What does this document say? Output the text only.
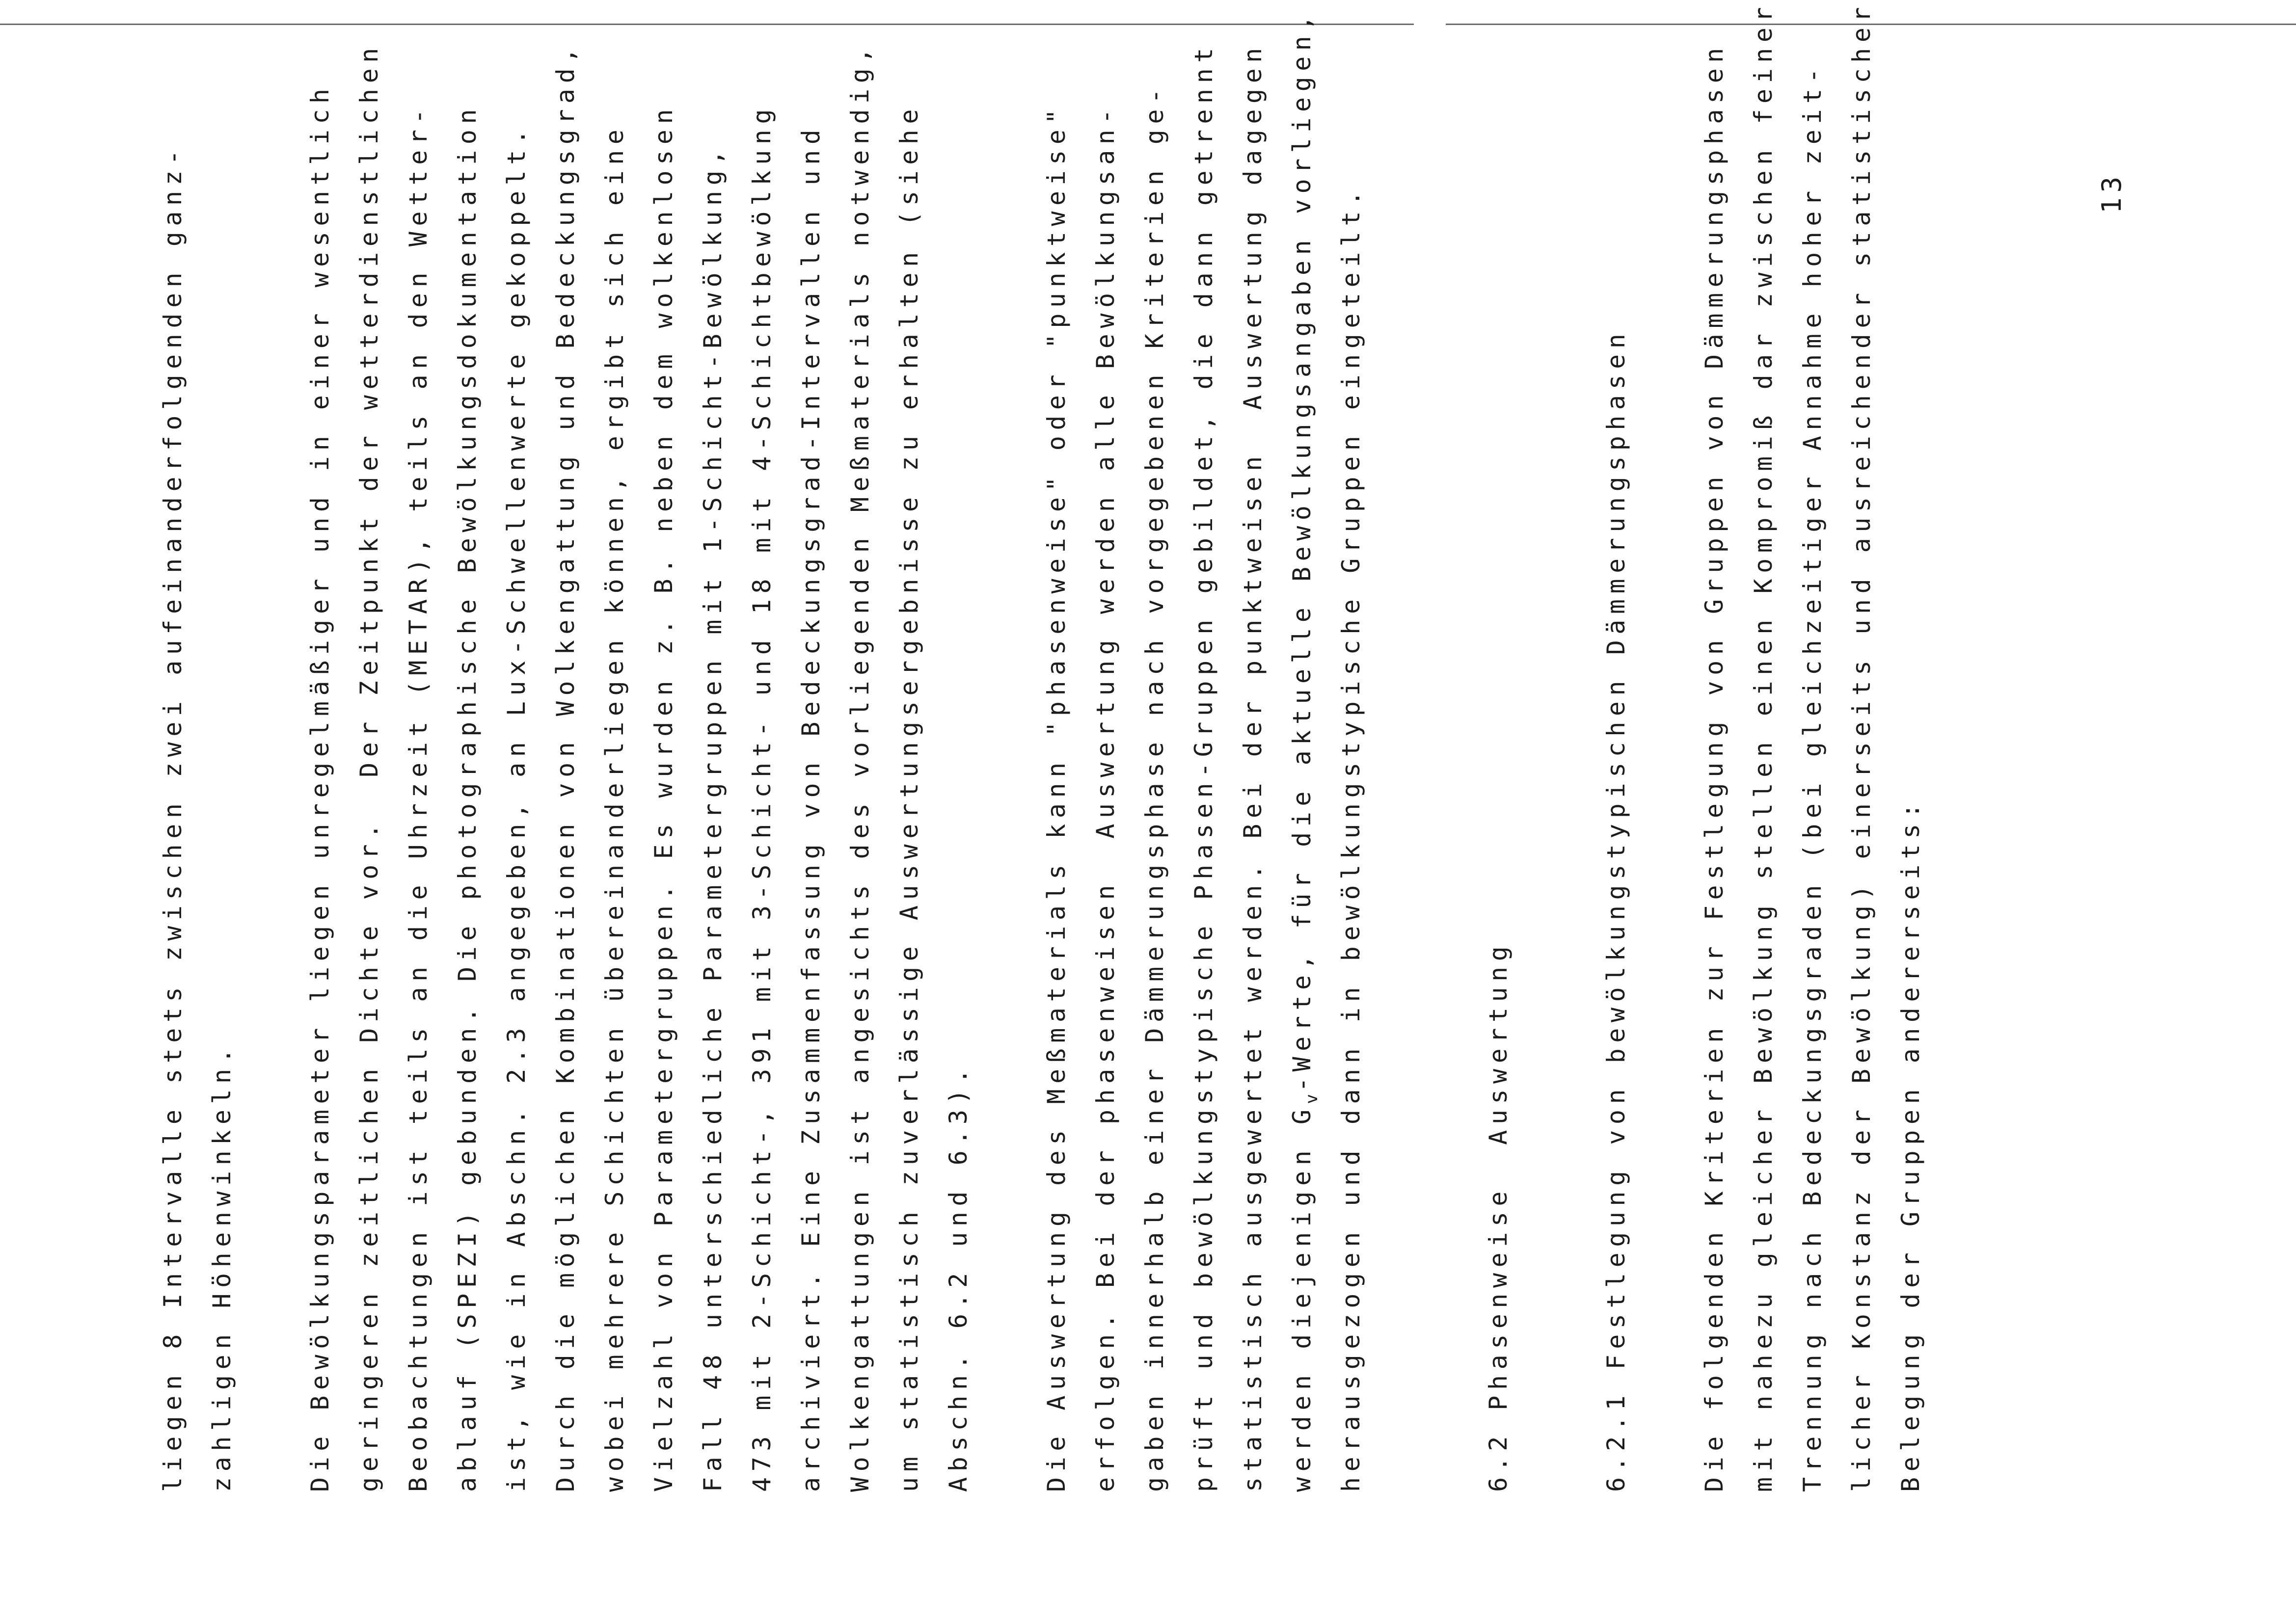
liegen 8 Intervalle stets zwischen zwei aufeinanderfolgenden ganz- zahligen Höhenwinkeln.	Die Bewölkungsparameter liegen unregelmäßiger und in einer wesentlich geringeren zeitlichen Dichte vor.  Der Zeitpunkt der wetterdienstlichen Beobachtungen ist teils an die Uhrzeit (METAR), teils an den Wetter- ablauf (SPEZI) gebunden. Die photographische Bewölkungsdokumentation ist, wie in Abschn. 2.3 angegeben, an Lux-Schwellenwerte gekoppelt. Durch die möglichen Kombinationen von Wolkengattung und Bedeckungsgrad, wobei mehrere Schichten übereinanderliegen können, ergibt sich eine Vielzahl von Parametergruppen. Es wurden z. B. neben dem wolkenlosen Fall 48 unterschiedliche Parametergruppen mit 1-Schicht-Bewölkung, 473 mit 2-Schicht-, 391 mit 3-Schicht- und 18 mit 4-Schichtbewölkung archiviert. Eine Zusammenfassung von Bedeckungsgrad-Intervallen und Wolkengattungen ist angesichts des vorliegenden Meßmaterials notwendig, um statistisch zuverlässige Auswertungsergebnisse zu erhalten (siehe Abschn. 6.2 und 6.3).	Die Auswertung des Meßmaterials kann "phasenweise" oder "punktweise" erfolgen. Bei der phasenweisen  Auswertung werden alle Bewölkungsan- gaben innerhalb einer Dämmerungsphase nach vorgegebenen Kriterien ge- prüft und bewölkungstypische Phasen-Gruppen gebildet, die dann getrennt statistisch ausgewertet werden. Bei der punktweisen  Auswertung dagegen werden diejenigen $G_v$-Werte, für die aktuelle Bewölkungsangaben vorliegen, herausgezogen und dann in bewölkungstypische Gruppen eingeteilt.	6.2 Phasenweise  Auswertung	6.2.1 Festlegung von bewölkungstypischen Dämmerungsphasen	Die folgenden Kriterien zur Festlegung von Gruppen von Dämmerungsphasen mit nahezu gleicher Bewölkung stellen einen Kompromiß dar zwischen feiner Trennung nach Bedeckungsgraden (bei gleichzeitiger Annahme hoher zeit- licher Konstanz der Bewölkung) einerseits und ausreichender statistischer Belegung der Gruppen andererseits:
13
